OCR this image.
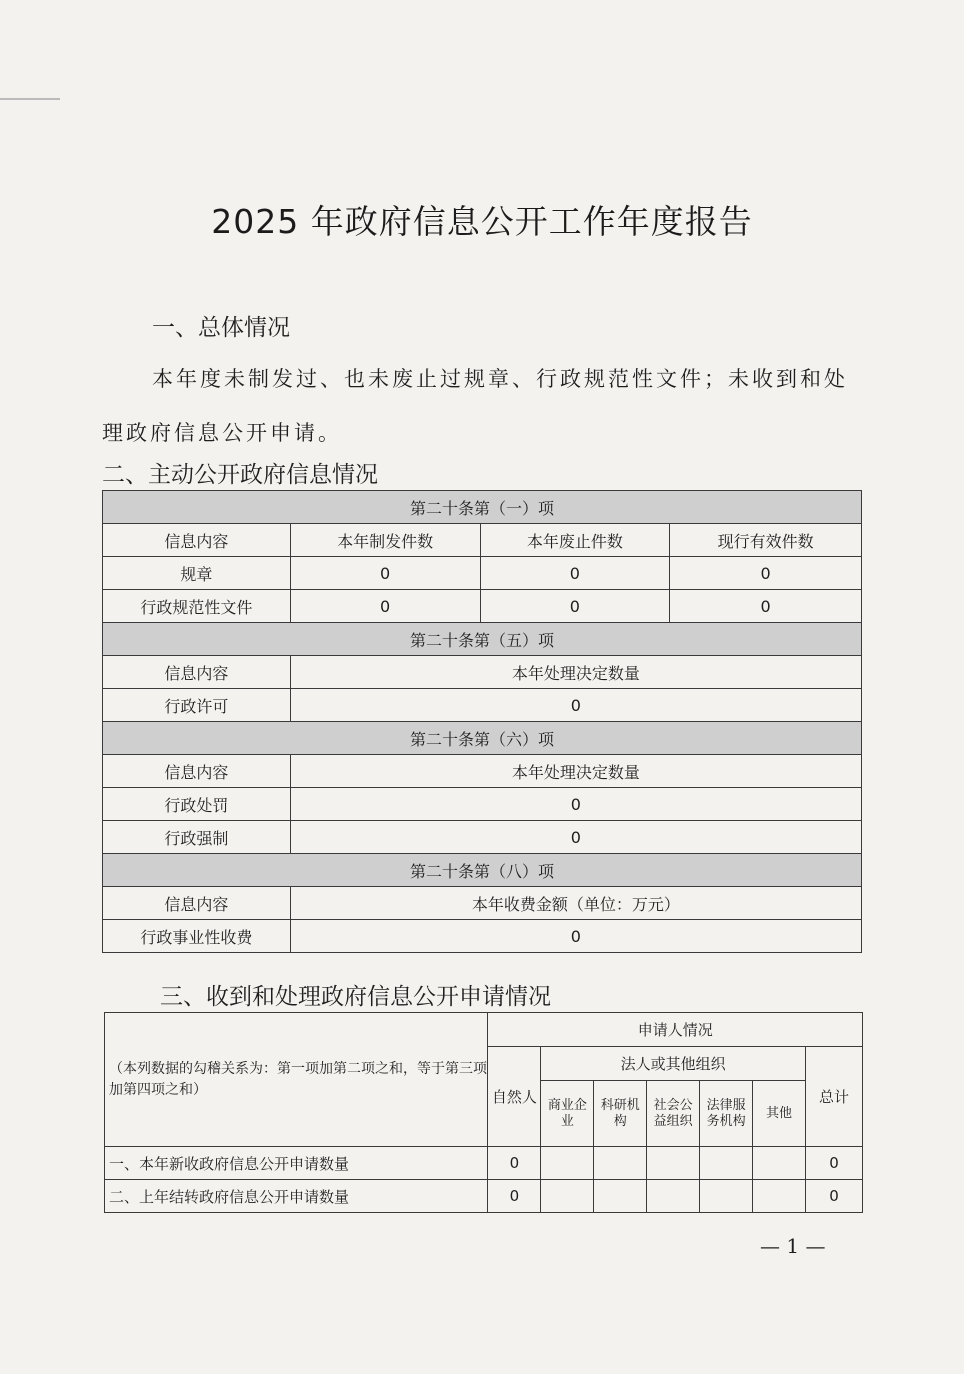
2025 年政府信息公开工作年度报告
一、总体情况
本年度未制发过、也未废止过规章、行政规范性文件；未收到和处理政府信息公开申请。
二、主动公开政府信息情况
第二十条第（一）项			
信息内容	本年制发件数	本年废止件数	现行有效件数
规章	0	0	0
行政规范性文件	0	0	0
第二十条第（五）项			
信息内容	本年处理决定数量		
行政许可	0		
第二十条第（六）项			
信息内容	本年处理决定数量		
行政处罚	0		
行政强制	0		
第二十条第（八）项			
信息内容	本年收费金额（单位：万元）		
行政事业性收费	0		
三、收到和处理政府信息公开申请情况
（本列数据的勾稽关系为：第一项加第二项之和，等于第三项加第四项之和）	申请人情况						
	自然人	法人或其他组织					总计
		商业企业	科研机构	社会公益组织	法律服务机构	其他	
一、本年新收政府信息公开申请数量	0						0
二、上年结转政府信息公开申请数量	0						0
— 1 —
